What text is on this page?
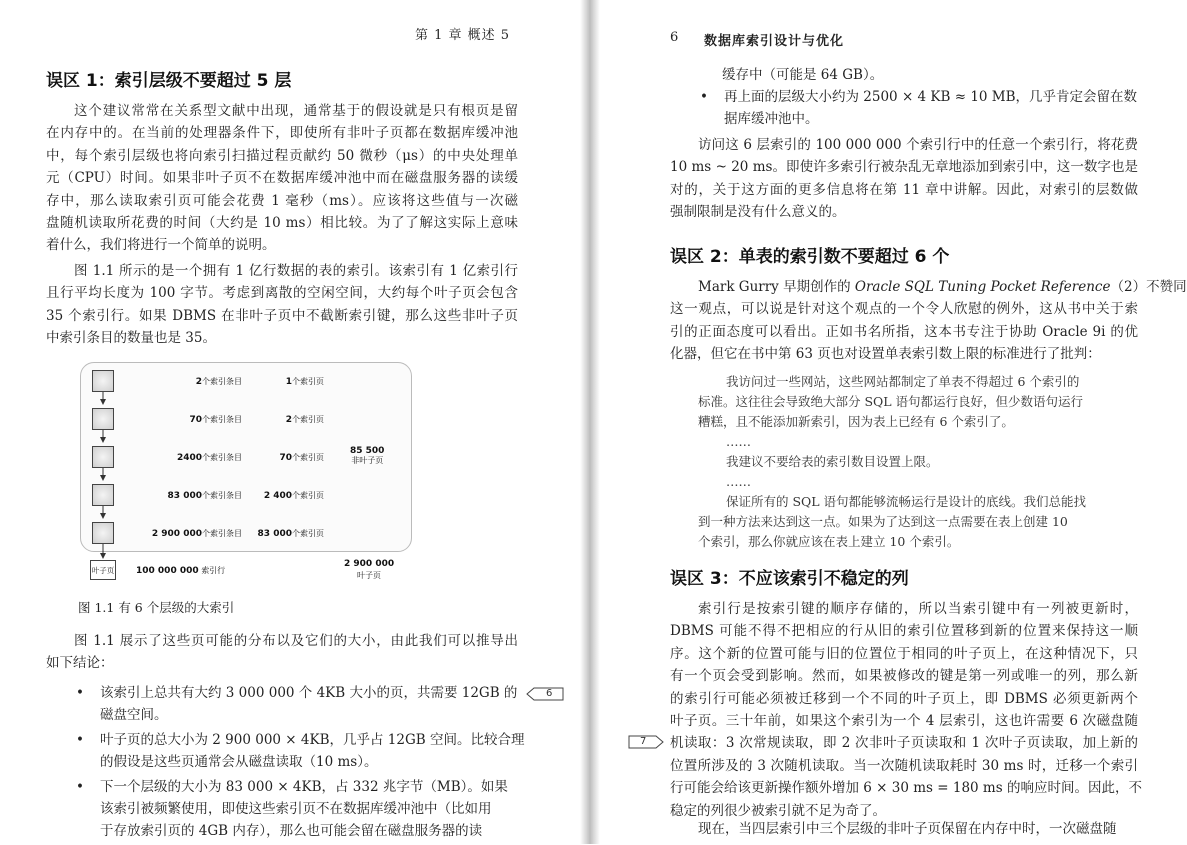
第 1 章 概述 5
误区 1：索引层级不要超过 5 层
这个建议常常在关系型文献中出现，通常基于的假设就是只有根页是留
在内存中的。在当前的处理器条件下，即使所有非叶子页都在数据库缓冲池
中，每个索引层级也将向索引扫描过程贡献约 50 微秒（μs）的中央处理单
元（CPU）时间。如果非叶子页不在数据库缓冲池中而在磁盘服务器的读缓
存中，那么读取索引页可能会花费 1 毫秒（ms）。应该将这些值与一次磁
盘随机读取所花费的时间（大约是 10 ms）相比较。为了了解这实际上意味
着什么，我们将进行一个简单的说明。
图 1.1 所示的是一个拥有 1 亿行数据的表的索引。该索引有 1 亿索引行
且行平均长度为 100 字节。考虑到离散的空闲空间，大约每个叶子页会包含
35 个索引行。如果 DBMS 在非叶子页中不截断索引键，那么这些非叶子页
中索引条目的数量也是 35。
2个索引条目	1个索引页
70个索引条目	2个索引页
2400个索引条目	70个索引页
83 000个索引条目 2 400个索引页
2 900 000个索引条目 83 000个索引页
85 500
非叶子页
叶子页 100 000 000 索引行
2 900 000
叶子页
图 1.1 有 6 个层级的大索引
图 1.1 展示了这些页可能的分布以及它们的大小，由此我们可以推导出
如下结论：
• 该索引上总共有大约 3 000 000 个 4KB 大小的页，共需要 12GB 的
磁盘空间。
• 叶子页的总大小为 2 900 000 × 4KB，几乎占 12GB 空间。比较合理
的假设是这些页通常会从磁盘读取（10 ms）。
• 下一个层级的大小为 83 000 × 4KB，占 332 兆字节（MB）。如果
该索引被频繁使用，即使这些索引页不在数据库缓冲池中（比如用
于存放索引页的 4GB 内存），那么也可能会留在磁盘服务器的读
6
6 数据库索引设计与优化
缓存中（可能是 64 GB）。
• 再上面的层级大小约为 2500 × 4 KB ≈ 10 MB，几乎肯定会留在数
据库缓冲池中。
访问这 6 层索引的 100 000 000 个索引行中的任意一个索引行，将花费
10 ms ~ 20 ms。即使许多索引行被杂乱无章地添加到索引中，这一数字也是
对的，关于这方面的更多信息将在第 11 章中讲解。因此，对索引的层数做
强制限制是没有什么意义的。
误区 2：单表的索引数不要超过 6 个
Mark Gurry 早期创作的 Oracle SQL Tuning Pocket Reference（2）不赞同
这一观点，可以说是针对这个观点的一个令人欣慰的例外，这从书中关于索
引的正面态度可以看出。正如书名所指，这本书专注于协助 Oracle 9i 的优
化器，但它在书中第 63 页也对设置单表索引数上限的标准进行了批判：
我访问过一些网站，这些网站都制定了单表不得超过 6 个索引的
标准。这往往会导致绝大部分 SQL 语句都运行良好，但少数语句运行
糟糕，且不能添加新索引，因为表上已经有 6 个索引了。
……
我建议不要给表的索引数目设置上限。
……
保证所有的 SQL 语句都能够流畅运行是设计的底线。我们总能找
到一种方法来达到这一点。如果为了达到这一点需要在表上创建 10
个索引，那么你就应该在表上建立 10 个索引。
误区 3：不应该索引不稳定的列
索引行是按索引键的顺序存储的，所以当索引键中有一列被更新时，
DBMS 可能不得不把相应的行从旧的索引位置移到新的位置来保持这一顺
序。这个新的位置可能与旧的位置位于相同的叶子页上，在这种情况下，只
有一个页会受到影响。然而，如果被修改的键是第一列或唯一的列，那么新
的索引行可能必须被迁移到一个不同的叶子页上，即 DBMS 必须更新两个
叶子页。三十年前，如果这个索引为一个 4 层索引，这也许需要 6 次磁盘随
机读取：3 次常规读取，即 2 次非叶子页读取和 1 次叶子页读取，加上新的
位置所涉及的 3 次随机读取。当一次随机读取耗时 30 ms 时，迁移一个索引
行可能会给该更新操作额外增加 6 × 30 ms = 180 ms 的响应时间。因此，不
稳定的列很少被索引就不足为奇了。
现在，当四层索引中三个层级的非叶子页保留在内存中时，一次磁盘随
7
